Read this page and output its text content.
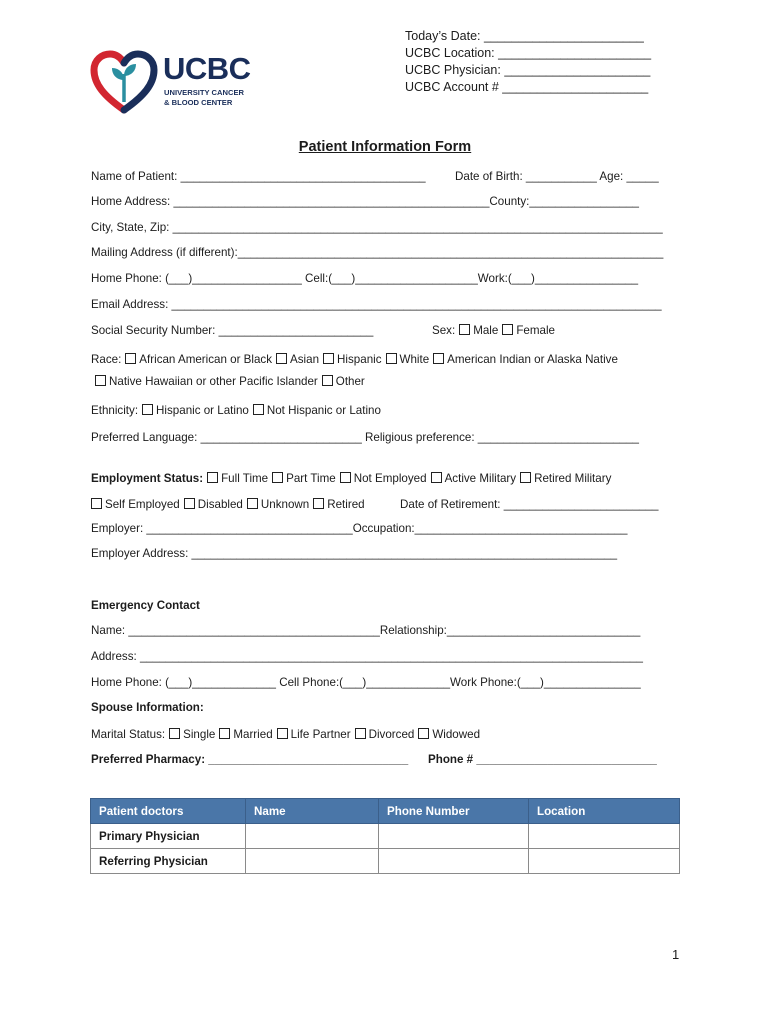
UCBC
UNIVERSITY CANCER
& BLOOD CENTER
Today’s Date: _______________________
UCBC Location: ______________________
UCBC Physician: _____________________
UCBC Account # _____________________
Patient Information Form
Name of Patient: ______________________________________	Date of Birth: ___________ Age: _____
Home Address: _________________________________________________County:_________________
City, State, Zip: ____________________________________________________________________________
Mailing Address (if different):__________________________________________________________________
Home Phone: (___)_________________ Cell:(___)___________________Work:(___)________________
Email Address: ____________________________________________________________________________
Social Security Number: ________________________	Sex: Male Female
Race: African American or Black Asian Hispanic White American Indian or Alaska Native
Native Hawaiian or other Pacific Islander Other
Ethnicity: Hispanic or Latino Not Hispanic or Latino
Preferred Language: _________________________ Religious preference: _________________________
Employment Status: Full Time Part Time Not Employed Active Military Retired Military
Self Employed Disabled Unknown Retired	Date of Retirement: ________________________
Employer: ________________________________Occupation:_________________________________
Employer Address: __________________________________________________________________
Emergency Contact
Name: _______________________________________Relationship:______________________________
Address: ______________________________________________________________________________
Home Phone: (___)_____________ Cell Phone:(___)_____________Work Phone:(___)_______________
Spouse Information:
Marital Status: Single Married Life Partner Divorced Widowed
Preferred Pharmacy: _______________________________ Phone # ____________________________
Patient doctors	Name	Phone Number	Location
Primary Physician			
Referring Physician			
1
